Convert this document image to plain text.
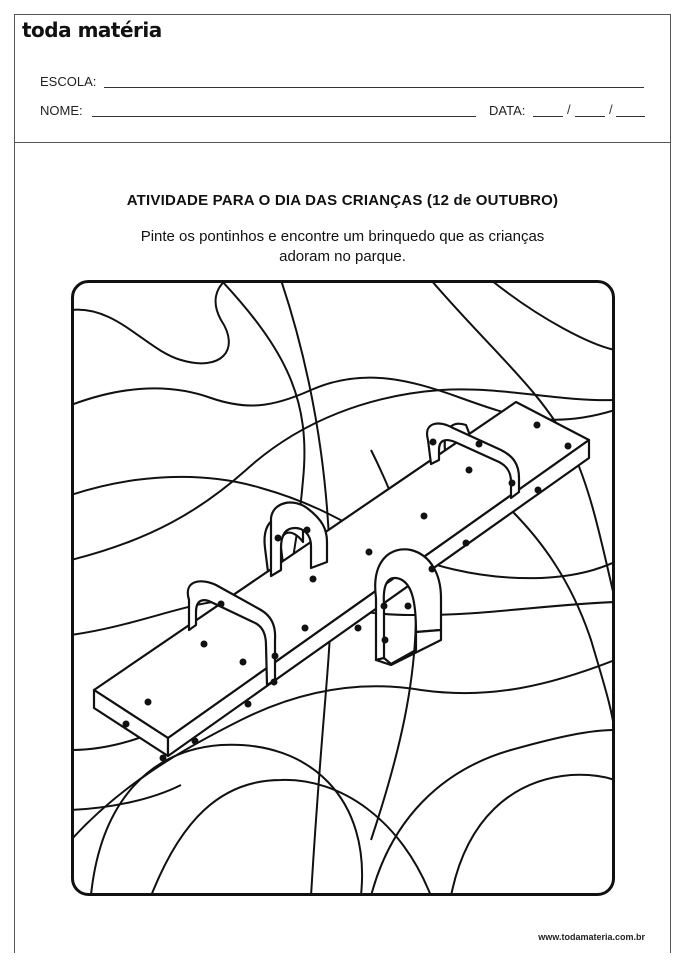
toda matéria
ESCOLA:
NOME:	DATA:	/	/
ATIVIDADE PARA O DIA DAS CRIANÇAS (12 de OUTUBRO)
Pinte os pontinhos e encontre um brinquedo que as crianças
adoram no parque.
www.todamateria.com.br
